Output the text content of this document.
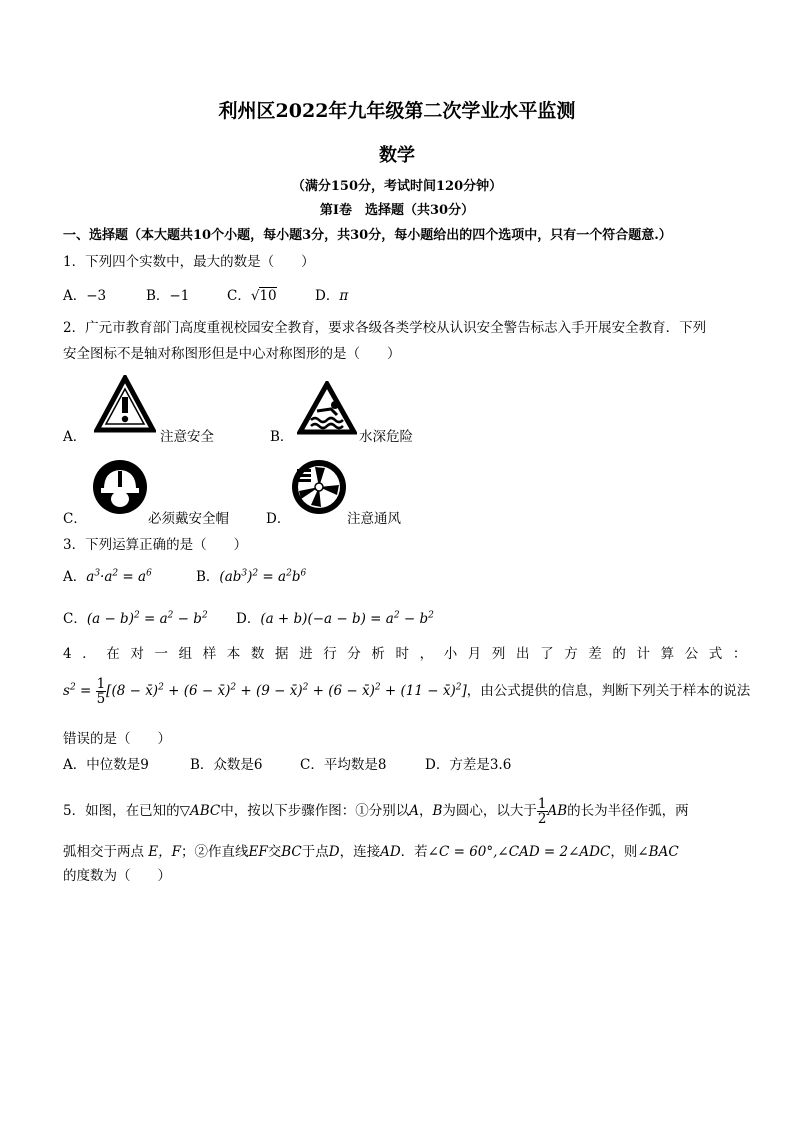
利州区2022年九年级第二次学业水平监测
数学
（满分150分，考试时间120分钟）
第Ⅰ卷　选择题（共30分）
一、选择题（本大题共10个小题，每小题3分，共30分，每小题给出的四个选项中，只有一个符合题意.）
1．下列四个实数中，最大的数是（　　）
A．−3	B．−1	C．√10	D．π
2．广元市教育部门高度重视校园安全教育，要求各级各类学校从认识安全警告标志入手开展安全教育．下列
安全图标不是轴对称图形但是中心对称图形的是（　　）
A．	注意安全	B．	水深危险
C．	必须戴安全帽	D．	注意通风
3．下列运算正确的是（　　）
A．$a^3\cdot a^2 = a^6$	B．$(ab^3)^2 = a^2b^6$
C．$(a - b)^2 = a^2 - b^2$ D．$(a + b)(-a - b) = a^2 - b^2$
4．在对一组样本数据进行分析时，小月列出了方差的计算公式：
$s^2 = \frac{1}{5} [(8$ − x̄)$^2$ + (6 − x̄)$^2$ + (9 − x̄)$^2$ + (6 − x̄)$^2$ + (11 − x̄)$^2$]，由公式提供的信息，判断下列关于样本的说法
错误的是（　　）
A．中位数是9	B．众数是6	C．平均数是8	D．方差是3.6
5．如图，在已知的▽ABC中，按以下步骤作图：①分别以A，B为圆心，以大于 $\frac{1}{2}$ AB的长为半径作弧，两
弧相交于两点 E，F；②作直线EF交BC于点D，连接AD．若∠C = 60°,∠CAD = 2∠ADC，则∠BAC
的度数为（　　）
